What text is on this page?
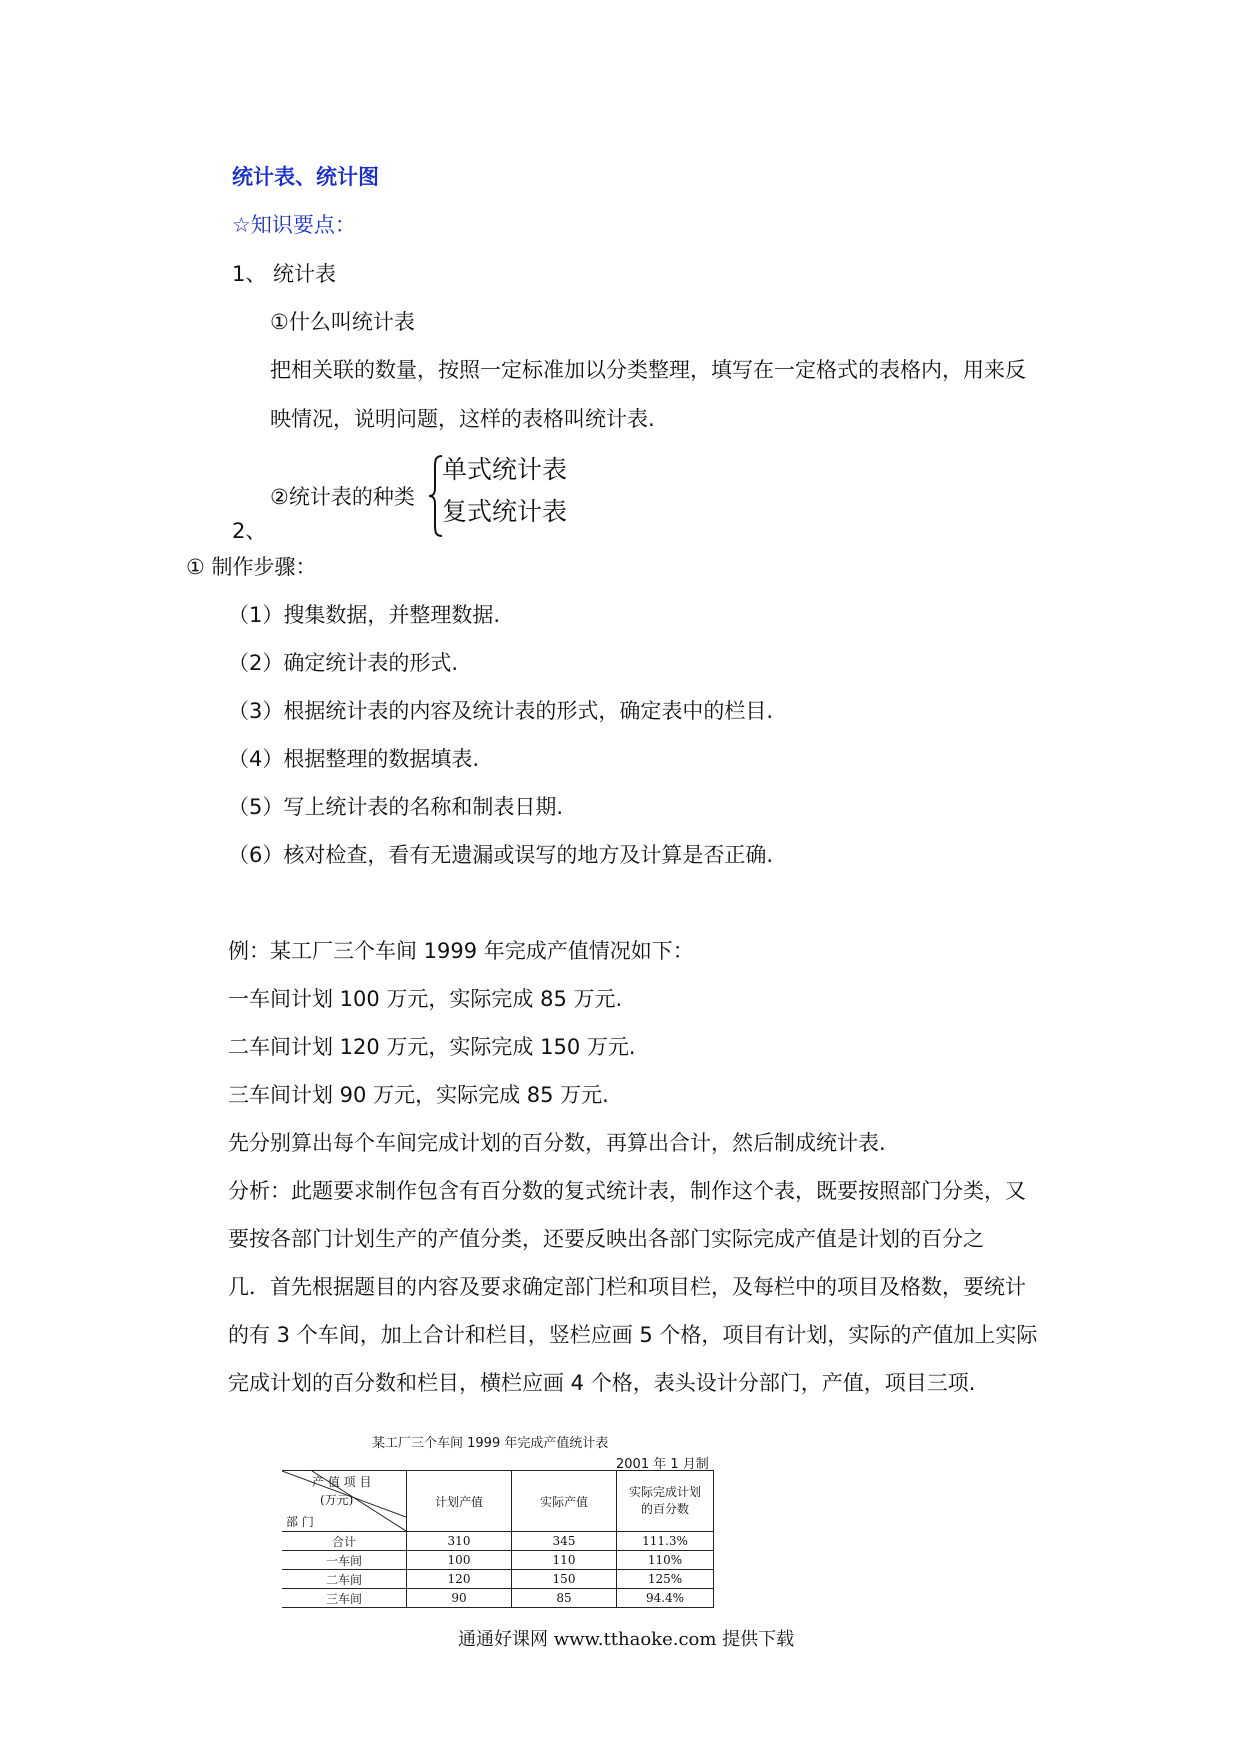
统计表、统计图
☆知识要点：
1、 统计表
①什么叫统计表
把相关联的数量，按照一定标准加以分类整理，填写在一定格式的表格内，用来反
映情况，说明问题，这样的表格叫统计表.
②统计表的种类
单式统计表
复式统计表
2、
① 制作步骤：
（1）搜集数据，并整理数据.
（2）确定统计表的形式.
（3）根据统计表的内容及统计表的形式，确定表中的栏目.
（4）根据整理的数据填表.
（5）写上统计表的名称和制表日期.
（6）核对检查，看有无遗漏或误写的地方及计算是否正确.
例：某工厂三个车间 1999 年完成产值情况如下：
一车间计划 100 万元，实际完成 85 万元.
二车间计划 120 万元，实际完成 150 万元.
三车间计划 90 万元，实际完成 85 万元.
先分别算出每个车间完成计划的百分数，再算出合计，然后制成统计表.
分析：此题要求制作包含有百分数的复式统计表，制作这个表，既要按照部门分类，又
要按各部门计划生产的产值分类，还要反映出各部门实际完成产值是计划的百分之
几．首先根据题目的内容及要求确定部门栏和项目栏，及每栏中的项目及格数，要统计
的有 3 个车间，加上合计和栏目，竖栏应画 5 个格，项目有计划，实际的产值加上实际
完成计划的百分数和栏目，横栏应画 4 个格，表头设计分部门，产值，项目三项.
某工厂三个车间 1999 年完成产值统计表
2001 年 1 月制
产 值 项 目
(万元)
部 门	计划产值	实际产值	实际完成计划
的百分数
合计	310	345	111.3%
一车间	100	110	110%
二车间	120	150	125%
三车间	90	85	94.4%
通通好课网 www.tthaoke.com 提供下载
